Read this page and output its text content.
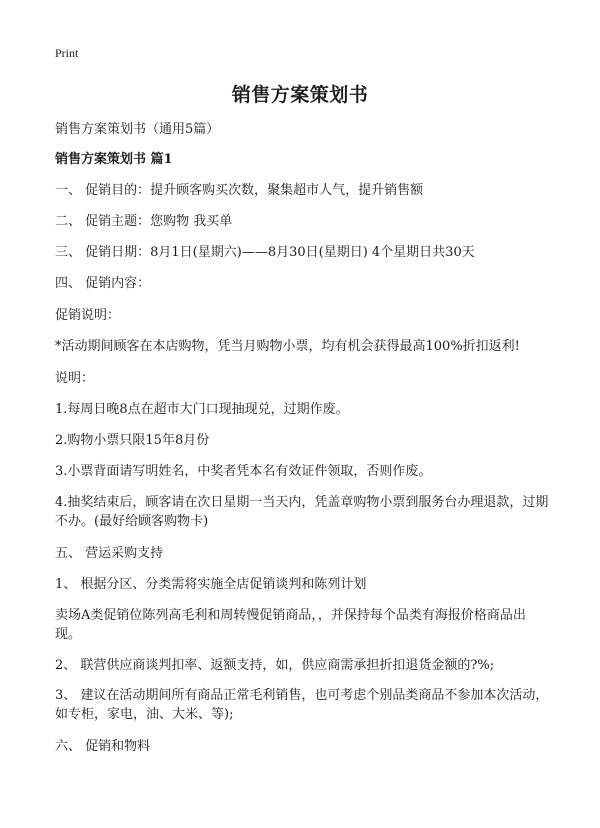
Print
销售方案策划书
销售方案策划书（通用5篇）
销售方案策划书 篇1
一、 促销目的：提升顾客购买次数，聚集超市人气，提升销售额
二、 促销主题：您购物 我买单
三、 促销日期：8月1日(星期六)——8月30日(星期日) 4个星期日共30天
四、 促销内容：
促销说明：
*活动期间顾客在本店购物，凭当月购物小票，均有机会获得最高100%折扣返利!
说明：
1.每周日晚8点在超市大门口现抽现兑，过期作废。
2.购物小票只限15年8月份
3.小票背面请写明姓名，中奖者凭本名有效证件领取，否则作废。
4.抽奖结束后，顾客请在次日星期一当天内，凭盖章购物小票到服务台办理退款，过期不办。(最好给顾客购物卡)
五、 营运采购支持
1、 根据分区、分类需将实施全店促销谈判和陈列计划
卖场A类促销位陈列高毛利和周转慢促销商品，，并保持每个品类有海报价格商品出现。
2、 联营供应商谈判扣率、返额支持，如，供应商需承担折扣退货金额的?%;
3、 建议在活动期间所有商品正常毛利销售，也可考虑个别品类商品不参加本次活动，如专柜，家电，油、大米、等);
六、 促销和物料
